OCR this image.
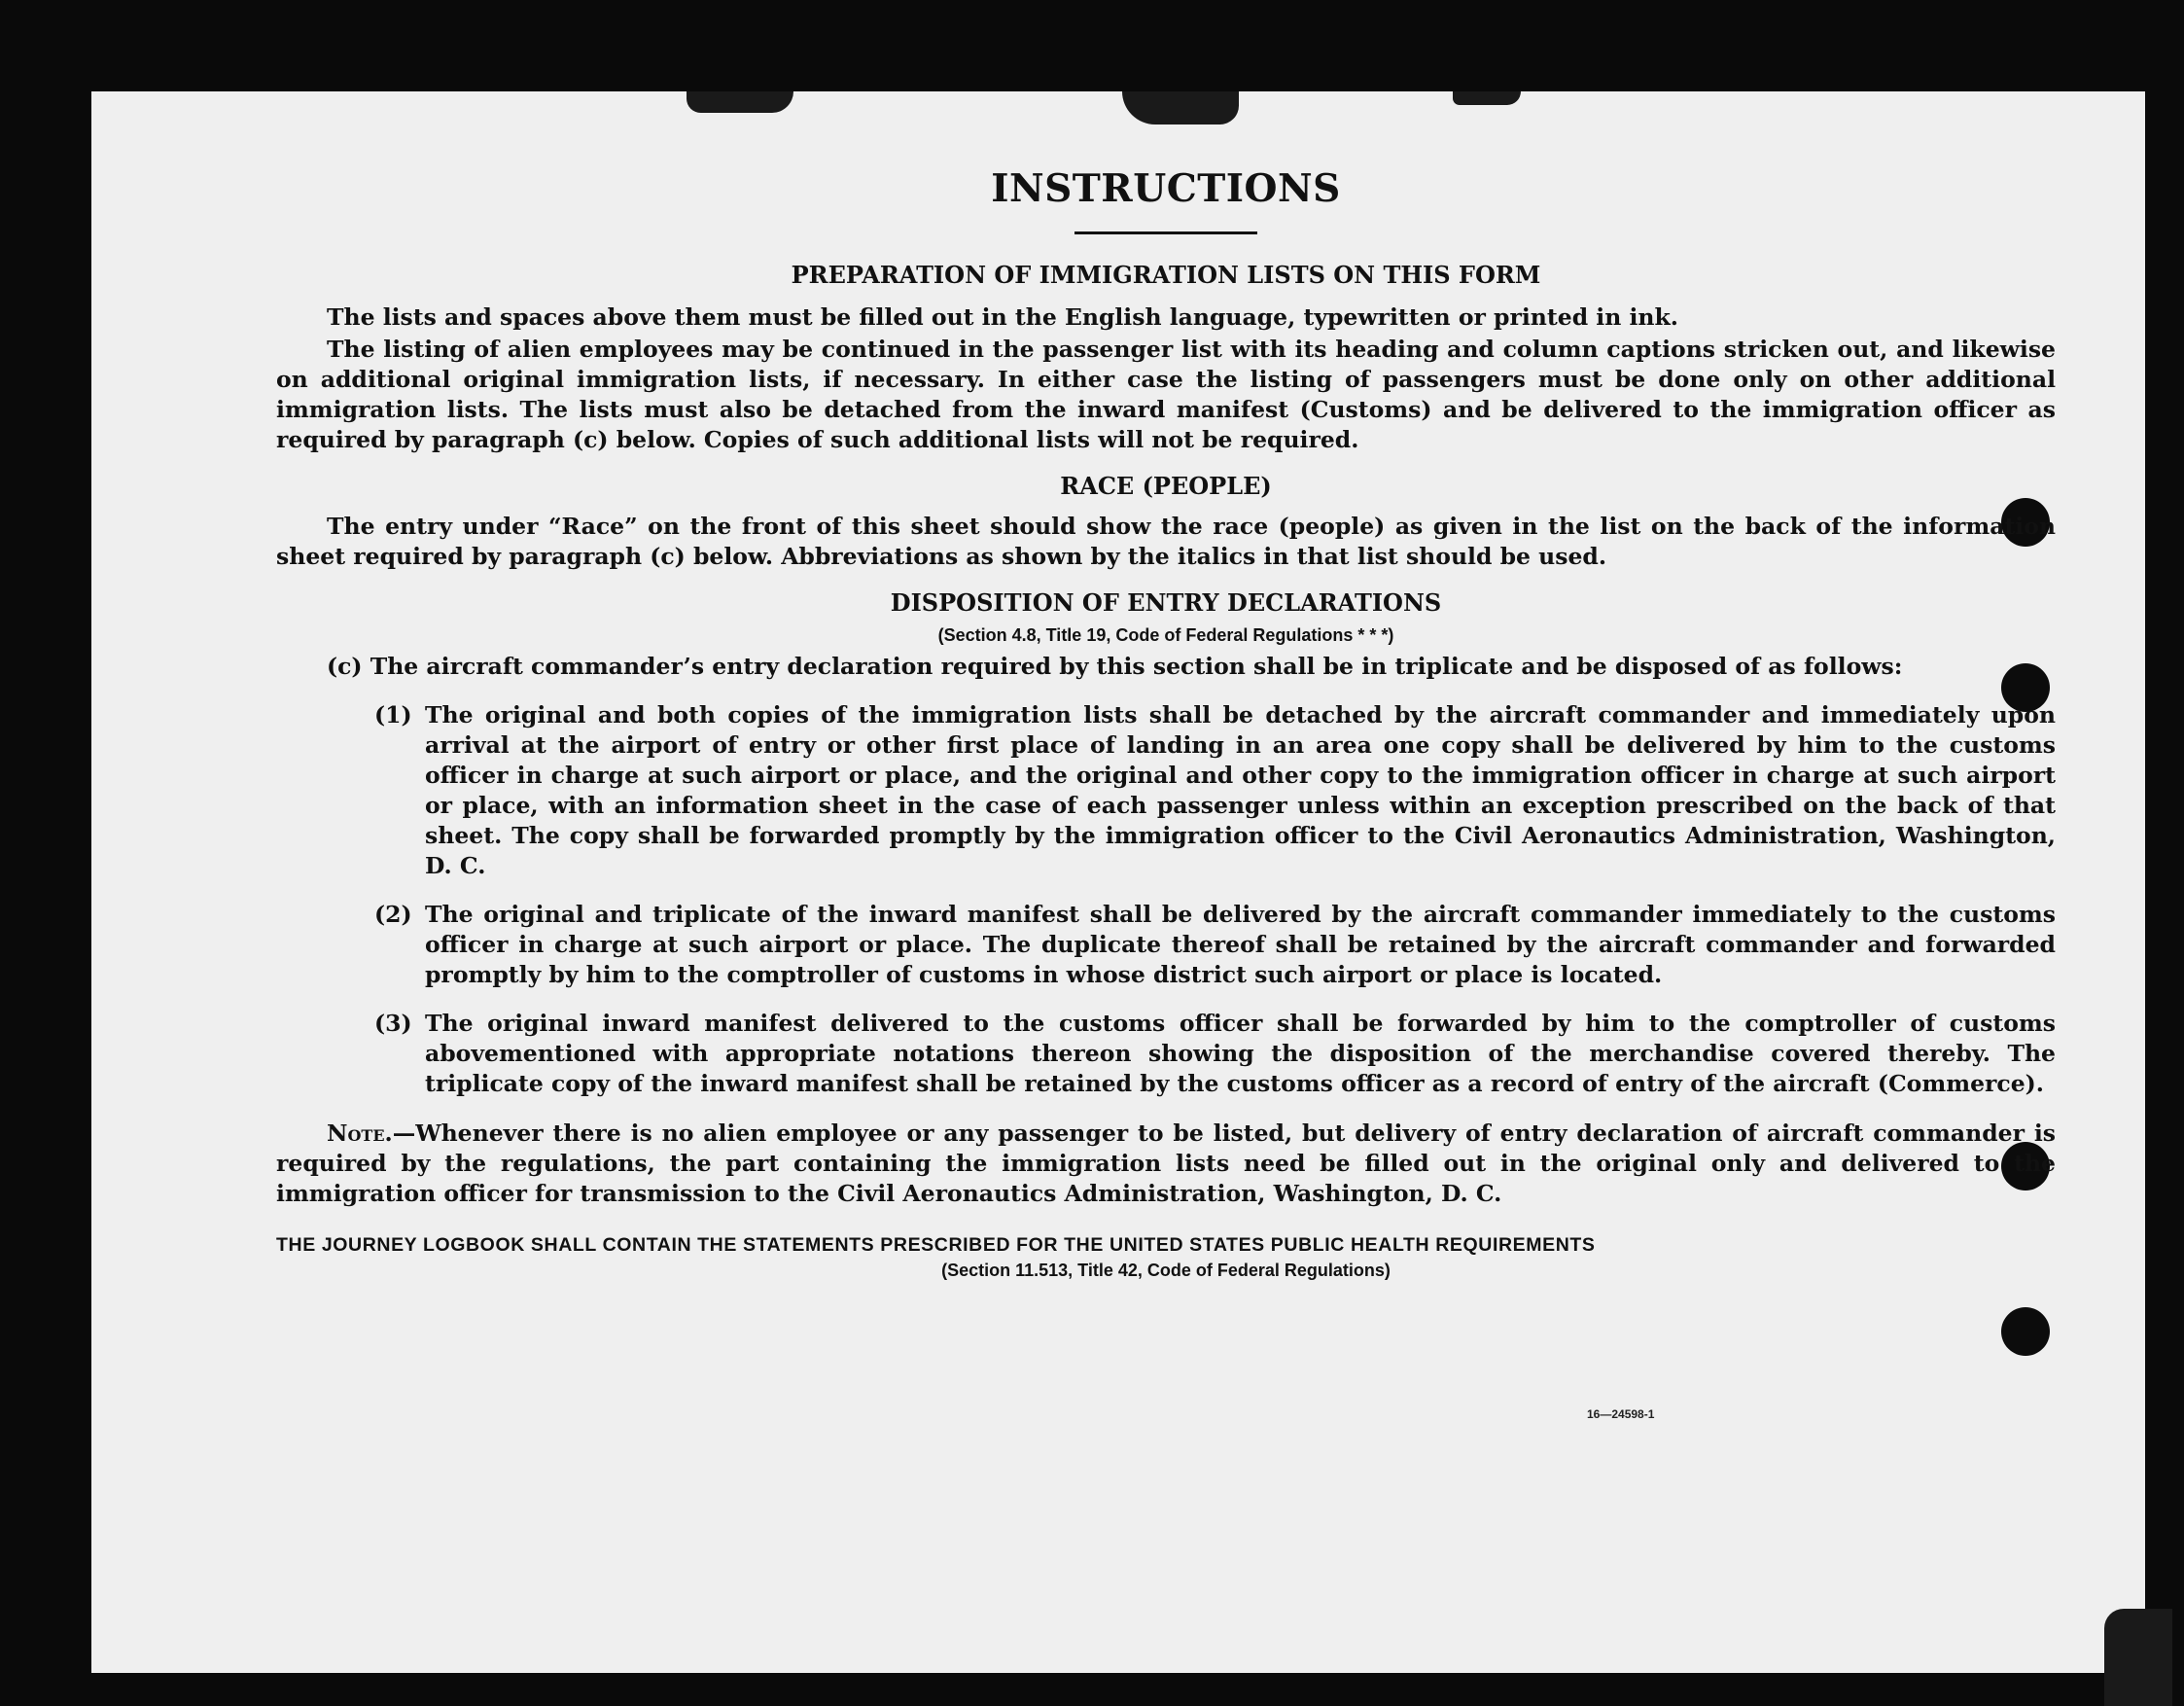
INSTRUCTIONS
PREPARATION OF IMMIGRATION LISTS ON THIS FORM

The lists and spaces above them must be filled out in the English language, typewritten or printed in ink.

The listing of alien employees may be continued in the passenger list with its heading and column captions stricken out, and likewise on additional original immigration lists, if necessary. In either case the listing of passengers must be done only on other additional immigration lists. The lists must also be detached from the inward manifest (Customs) and be delivered to the immigration officer as required by paragraph (c) below. Copies of such additional lists will not be required.

RACE (PEOPLE)

The entry under “Race” on the front of this sheet should show the race (people) as given in the list on the back of the information sheet required by paragraph (c) below. Abbreviations as shown by the italics in that list should be used.

DISPOSITION OF ENTRY DECLARATIONS
(Section 4.8, Title 19, Code of Federal Regulations * * *)

(c) The aircraft commander’s entry declaration required by this section shall be in triplicate and be disposed of as follows:

(1) The original and both copies of the immigration lists shall be detached by the aircraft commander and immediately upon arrival at the airport of entry or other first place of landing in an area one copy shall be delivered by him to the customs officer in charge at such airport or place, and the original and other copy to the immigration officer in charge at such airport or place, with an information sheet in the case of each passenger unless within an exception prescribed on the back of that sheet. The copy shall be forwarded promptly by the immigration officer to the Civil Aeronautics Administration, Washington, D. C.

(2) The original and triplicate of the inward manifest shall be delivered by the aircraft commander immediately to the customs officer in charge at such airport or place. The duplicate thereof shall be retained by the aircraft commander and forwarded promptly by him to the comptroller of customs in whose district such airport or place is located.

(3) The original inward manifest delivered to the customs officer shall be forwarded by him to the comptroller of customs abovementioned with appropriate notations thereon showing the disposition of the merchandise covered thereby. The triplicate copy of the inward manifest shall be retained by the customs officer as a record of entry of the aircraft (Commerce).

Note.—Whenever there is no alien employee or any passenger to be listed, but delivery of entry declaration of aircraft commander is required by the regulations, the part containing the immigration lists need be filled out in the original only and delivered to the immigration officer for transmission to the Civil Aeronautics Administration, Washington, D. C.

THE JOURNEY LOGBOOK SHALL CONTAIN THE STATEMENTS PRESCRIBED FOR THE UNITED STATES PUBLIC HEALTH REQUIREMENTS
(Section 11.513, Title 42, Code of Federal Regulations)
16—24598-1
